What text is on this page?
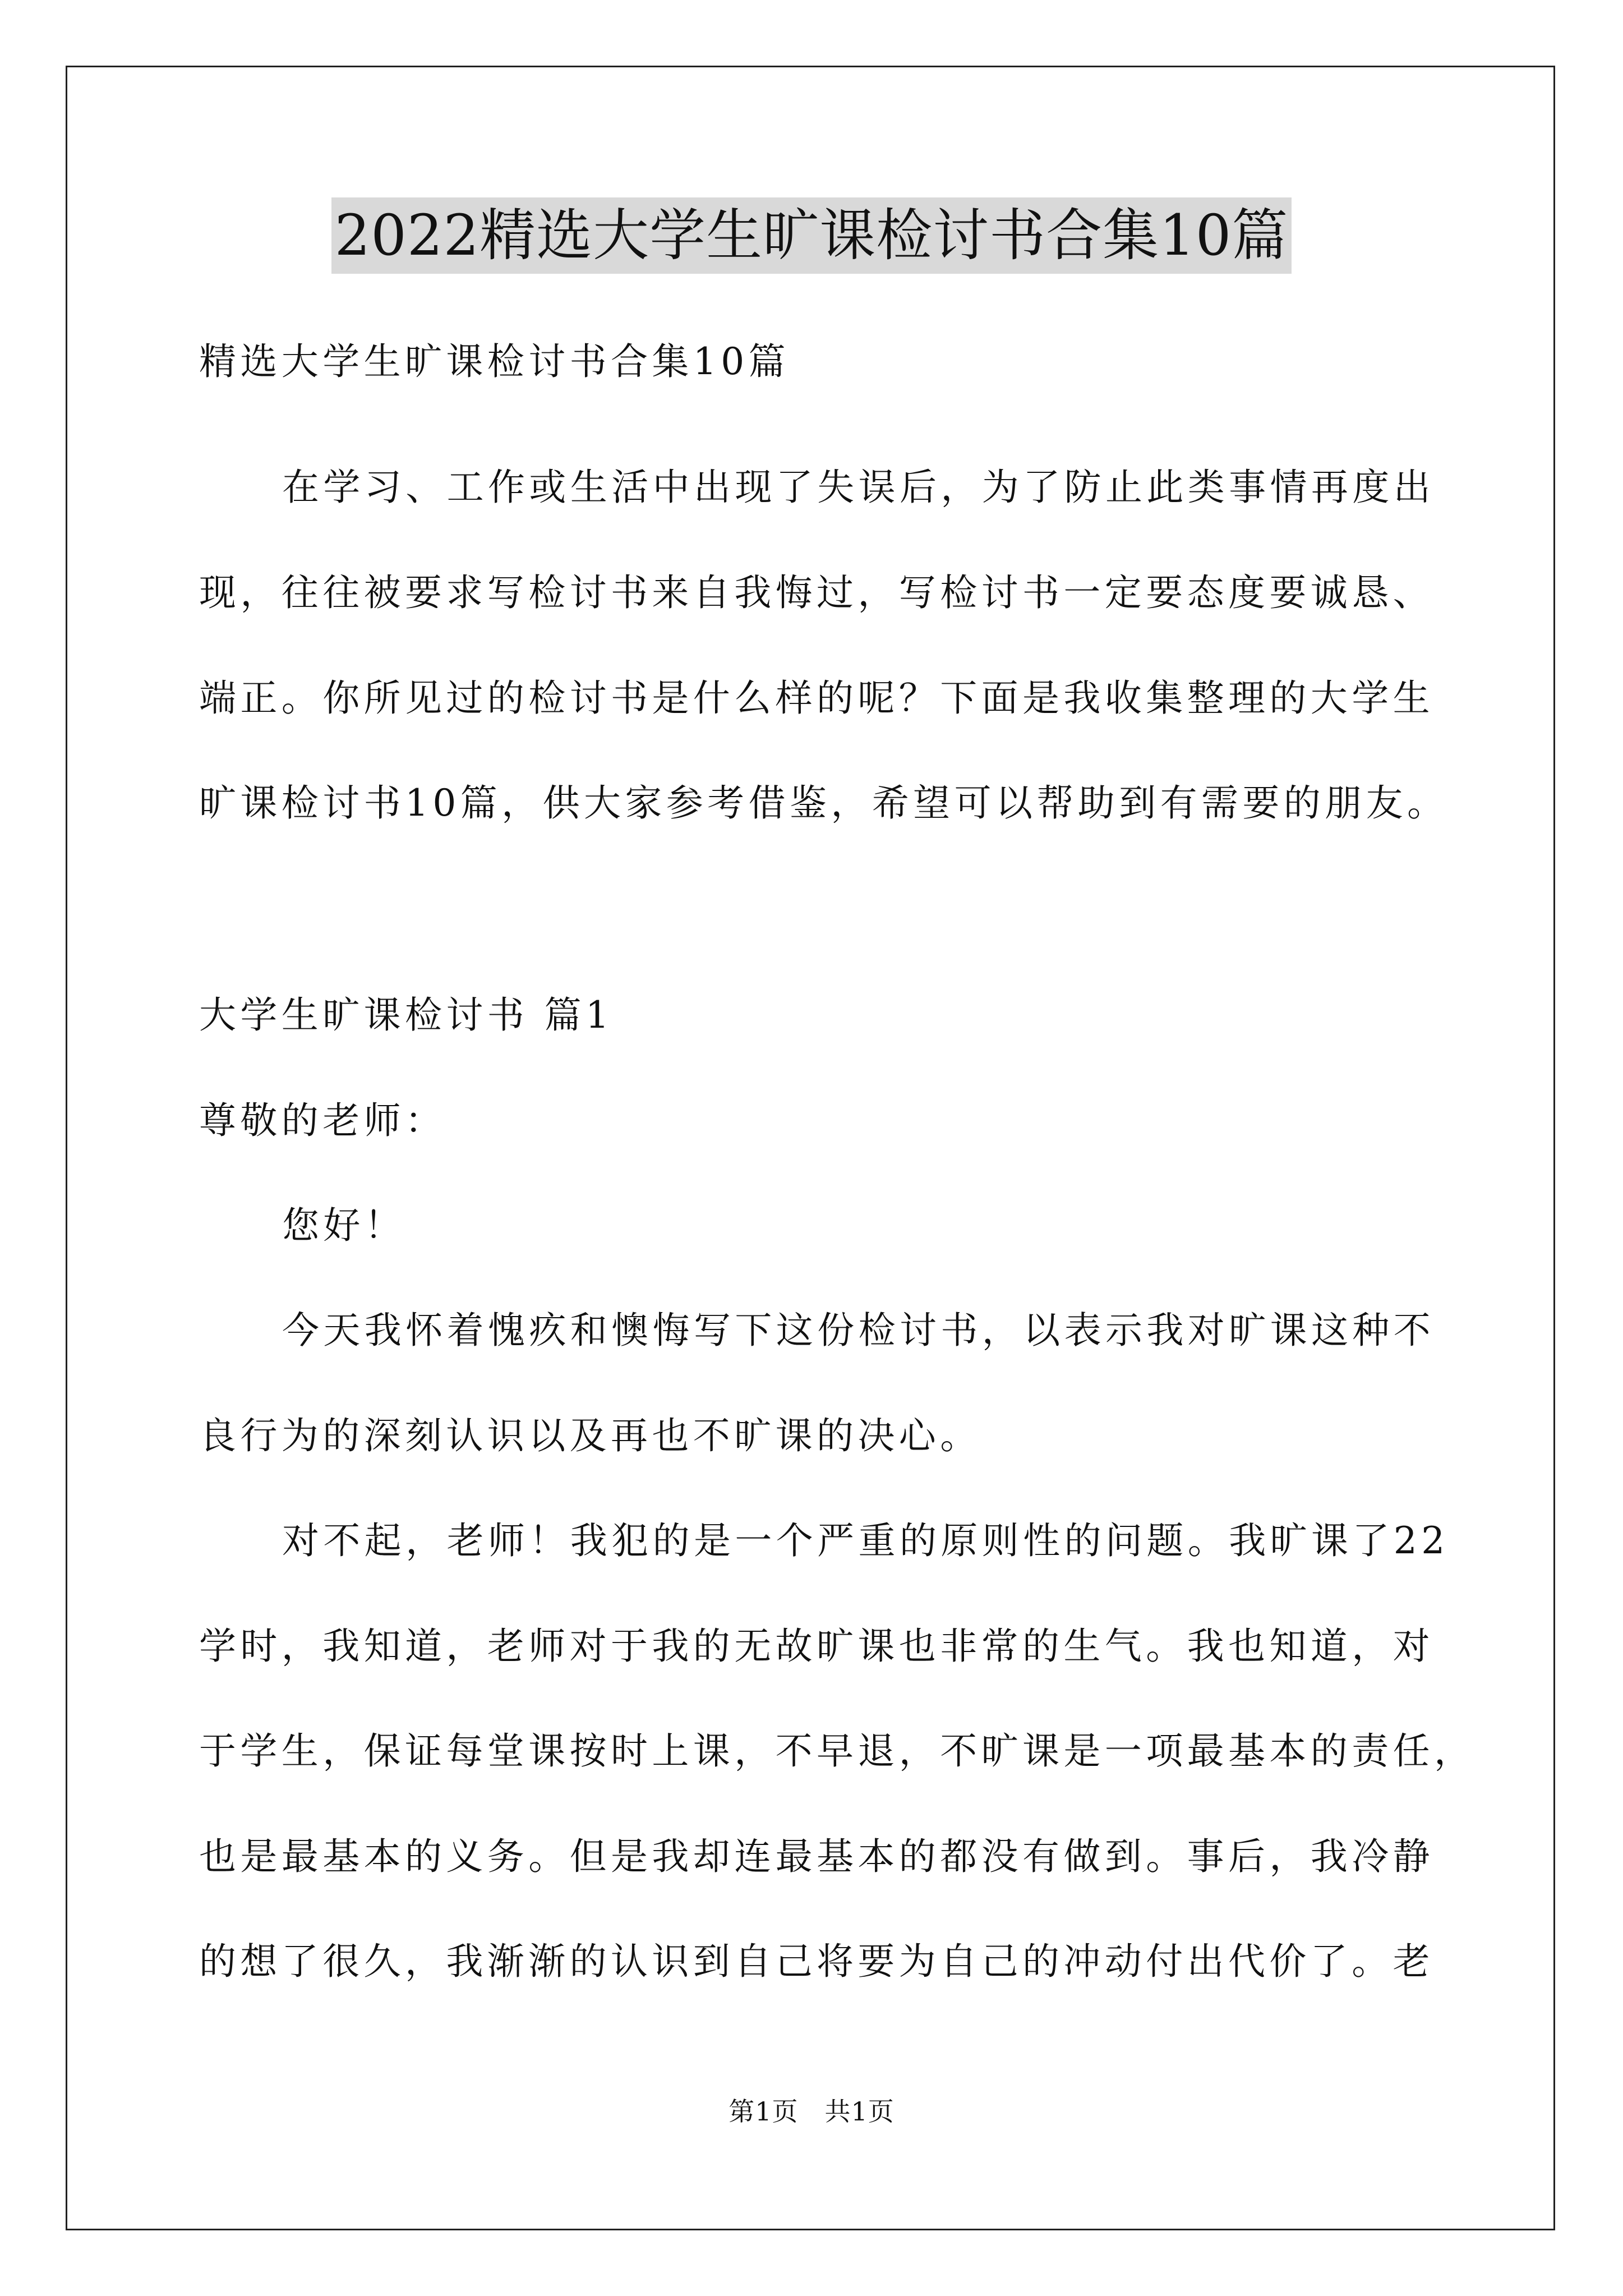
2022精选大学生旷课检讨书合集10篇
精选大学生旷课检讨书合集10篇
在学习、工作或生活中出现了失误后，为了防止此类事情再度出
现，往往被要求写检讨书来自我悔过，写检讨书一定要态度要诚恳、
端正。你所见过的检讨书是什么样的呢？下面是我收集整理的大学生
旷课检讨书10篇，供大家参考借鉴，希望可以帮助到有需要的朋友。
大学生旷课检讨书 篇1
尊敬的老师：
您好！
今天我怀着愧疚和懊悔写下这份检讨书，以表示我对旷课这种不
良行为的深刻认识以及再也不旷课的决心。
对不起，老师！我犯的是一个严重的原则性的问题。我旷课了22
学时，我知道，老师对于我的无故旷课也非常的生气。我也知道，对
于学生，保证每堂课按时上课，不早退，不旷课是一项最基本的责任，
也是最基本的义务。但是我却连最基本的都没有做到。事后，我冷静
的想了很久，我渐渐的认识到自己将要为自己的冲动付出代价了。老
第1页　共1页
